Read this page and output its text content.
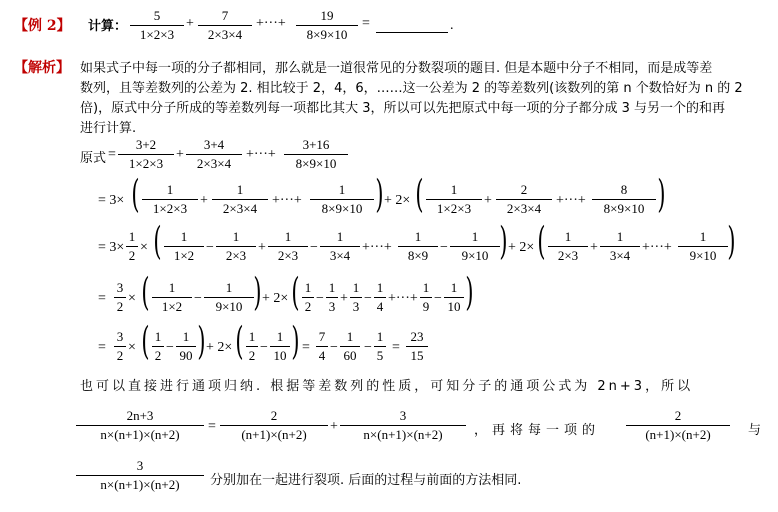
【例 2】 计算：
5
1×2×3
+
7
2×3×4
+···+
19
8×9×10
=	.
【解析】 如果式子中每一项的分子都相同，那么就是一道很常见的分数裂项的题目. 但是本题中分子不相同，而是成等差
数列，且等差数列的公差为 2. 相比较于 2，4，6，……这一公差为 2 的等差数列(该数列的第 n 个数恰好为 n 的 2
倍)，原式中分子所成的等差数列每一项都比其大 3，所以可以先把原式中每一项的分子都分成 3 与另一个的和再
进行计算.
原式 =
3+2
1×2×3
+
3+4
2×3×4
+···+
3+16
8×9×10
= 3× (	1
1×2×3
+
1
2×3×4
+···+
1
8×9×10 ) + 2× (	1
1×2×3
+
2
2×3×4
+···+
8
8×9×10 )
= 3×
1
2
× (	1
1×2
−
1
2×3
+
1
2×3
−
1
3×4
+···+
1
8×9
−
1
9×10 ) + 2× (	1
2×3
+
1
3×4
+···+
1
9×10 )
=
3
2
× (	1
1×2
−
1
9×10 ) + 2× ( 1
2
−
1
3
+
1
3
−
1
4
+···+
1
9
−
1
10 )
=
3
2
× ( 1
2
−
1
90 ) + 2× ( 1
2
−
1
10 ) =
7
4
−
1
60
−
1
5
=
23
15
也可以直接进行通项归纳. 根据等差数列的性质，可知分子的通项公式为 2n+3，所以
2n+3
n×(n+1)×(n+2)
=
2
(n+1)×(n+2)
+
3
n×(n+1)×(n+2)	，再将每一项的
2
(n+1)×(n+2)	与
3
n×(n+1)×(n+2)	分别加在一起进行裂项. 后面的过程与前面的方法相同.
